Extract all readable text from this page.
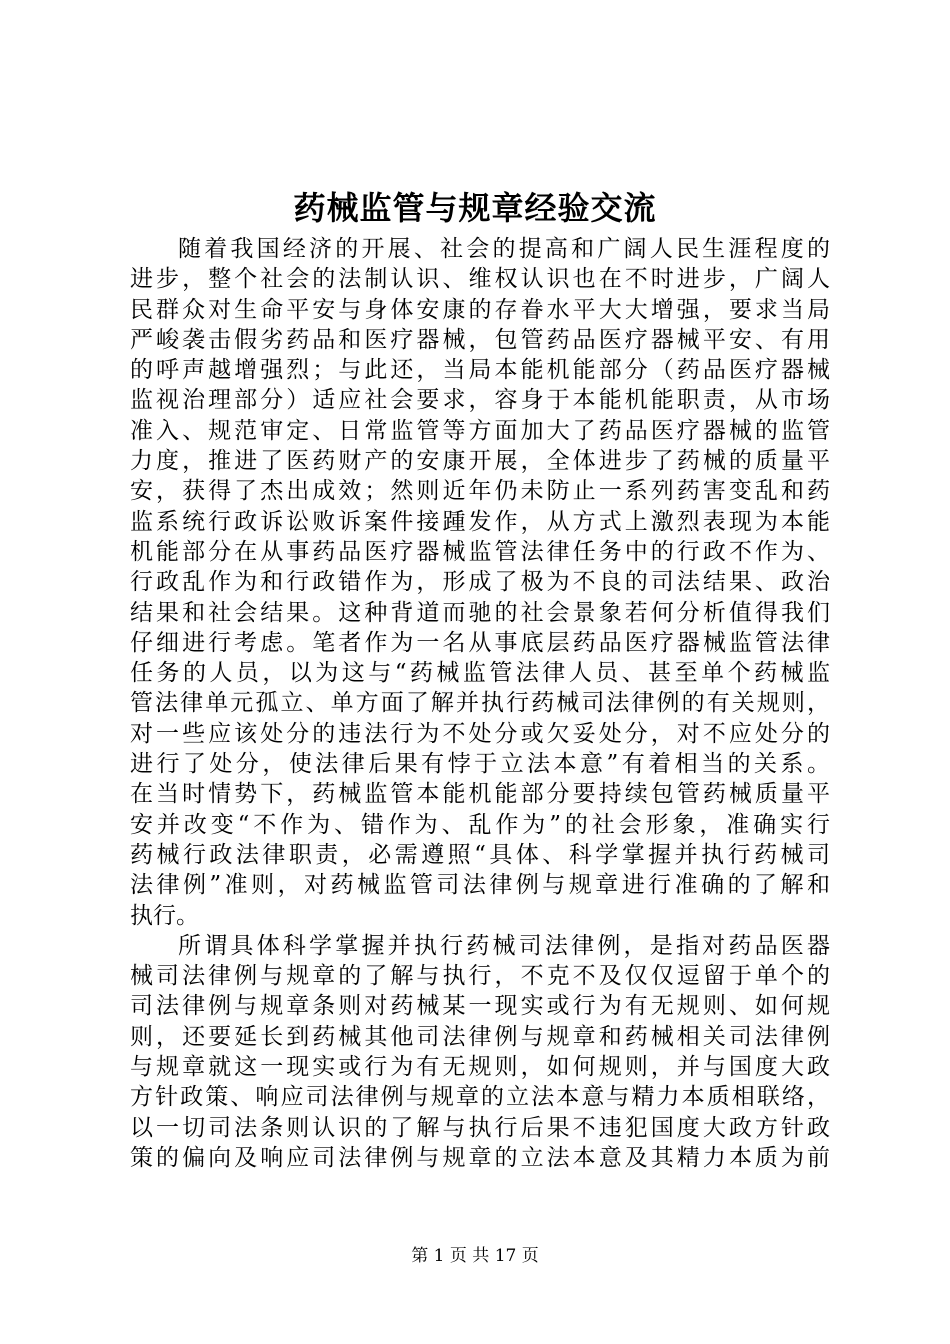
药械监管与规章经验交流
随着我国经济的开展、社会的提高和广阔人民生涯程度的
进步，整个社会的法制认识、维权认识也在不时进步，广阔人
民群众对生命平安与身体安康的存眷水平大大增强，要求当局
严峻袭击假劣药品和医疗器械，包管药品医疗器械平安、有用
的呼声越增强烈；与此还，当局本能机能部分（药品医疗器械
监视治理部分）适应社会要求，容身于本能机能职责，从市场
准入、规范审定、日常监管等方面加大了药品医疗器械的监管
力度，推进了医药财产的安康开展，全体进步了药械的质量平
安，获得了杰出成效；然则近年仍未防止一系列药害变乱和药
监系统行政诉讼败诉案件接踵发作，从方式上激烈表现为本能
机能部分在从事药品医疗器械监管法律任务中的行政不作为、
行政乱作为和行政错作为，形成了极为不良的司法结果、政治
结果和社会结果。这种背道而驰的社会景象若何分析值得我们
仔细进行考虑。笔者作为一名从事底层药品医疗器械监管法律
任务的人员，以为这与“药械监管法律人员、甚至单个药械监
管法律单元孤立、单方面了解并执行药械司法律例的有关规则，
对一些应该处分的违法行为不处分或欠妥处分，对不应处分的
进行了处分，使法律后果有悖于立法本意”有着相当的关系。
在当时情势下，药械监管本能机能部分要持续包管药械质量平
安并改变“不作为、错作为、乱作为”的社会形象，准确实行
药械行政法律职责，必需遵照“具体、科学掌握并执行药械司
法律例”准则，对药械监管司法律例与规章进行准确的了解和
执行。
所谓具体科学掌握并执行药械司法律例，是指对药品医器
械司法律例与规章的了解与执行，不克不及仅仅逗留于单个的
司法律例与规章条则对药械某一现实或行为有无规则、如何规
则，还要延长到药械其他司法律例与规章和药械相关司法律例
与规章就这一现实或行为有无规则，如何规则，并与国度大政
方针政策、响应司法律例与规章的立法本意与精力本质相联络，
以一切司法条则认识的了解与执行后果不违犯国度大政方针政
策的偏向及响应司法律例与规章的立法本意及其精力本质为前
第 1 页 共 17 页
